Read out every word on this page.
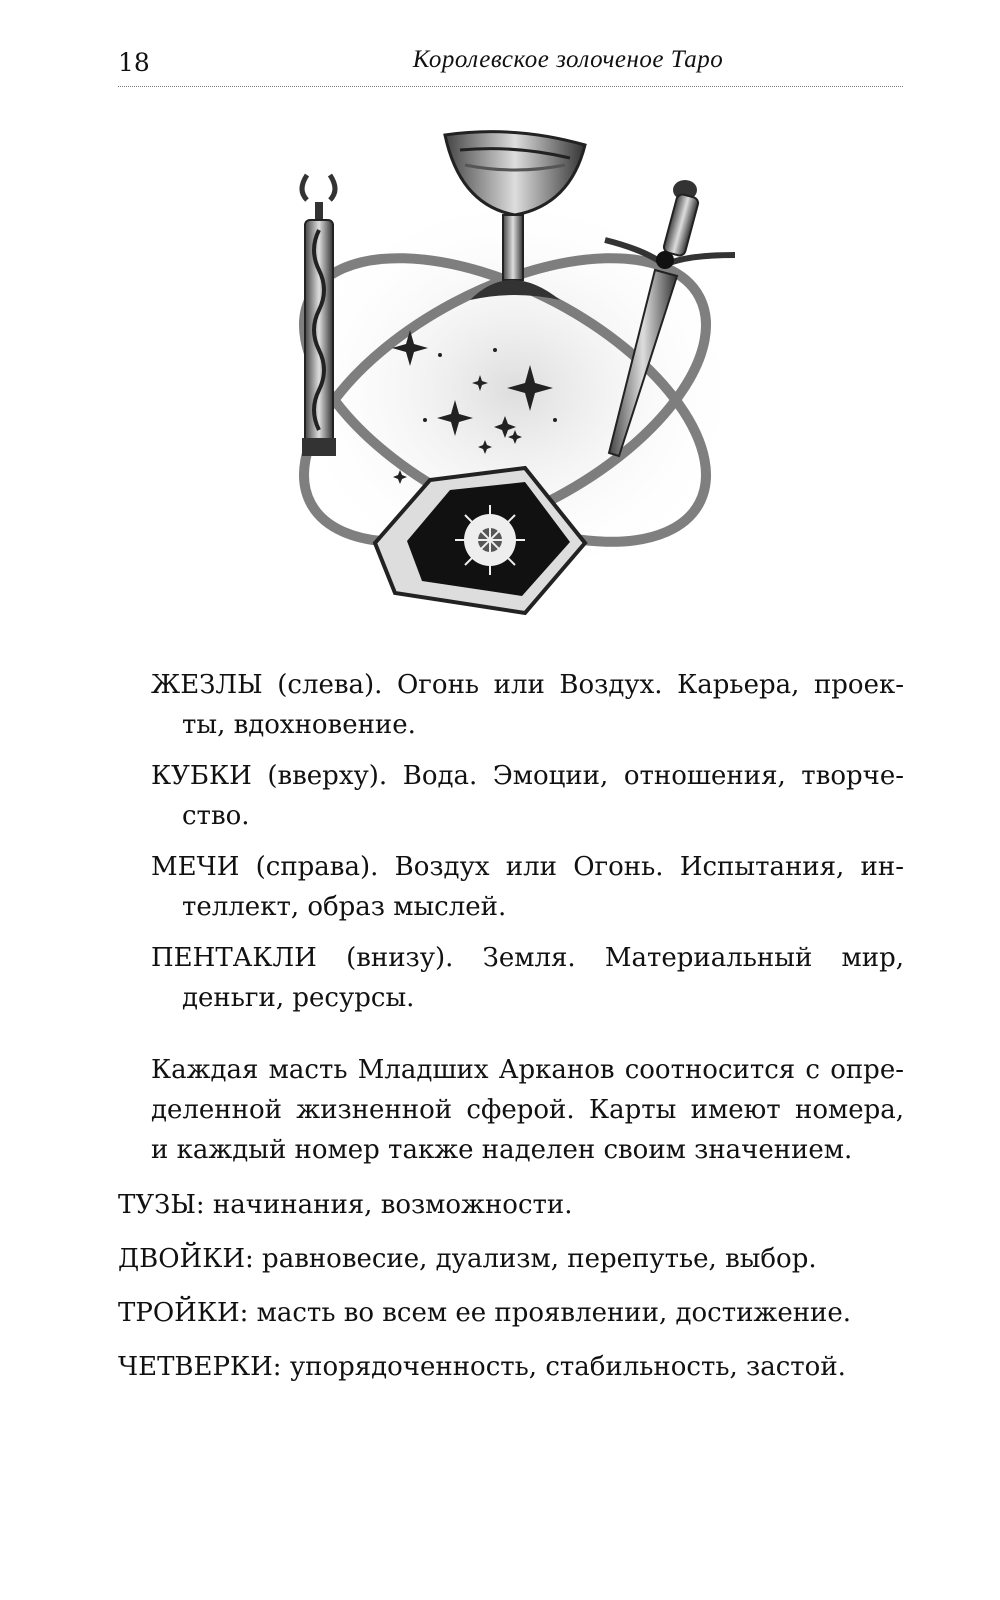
18	Королевское золоченое Таро

ЖЕЗЛЫ (слева). Огонь или Воздух. Карьера, проек-

ты, вдохновение.

КУБКИ (вверху). Вода. Эмоции, отношения, творче-

ство.

МЕЧИ (справа). Воздух или Огонь. Испытания, ин-

теллект, образ мыслей.

ПЕНТАКЛИ (внизу). Земля. Материальный мир,

деньги, ресурсы.

Каждая масть Младших Арканов соотносится с опре-

деленной жизненной сферой. Карты имеют номера,

и каждый номер также наделен своим значением.

ТУЗЫ: начинания, возможности.

ДВОЙКИ: равновесие, дуализм, перепутье, выбор.

ТРОЙКИ: масть во всем ее проявлении, достижение.

ЧЕТВЕРКИ: упорядоченность, стабильность, застой.
